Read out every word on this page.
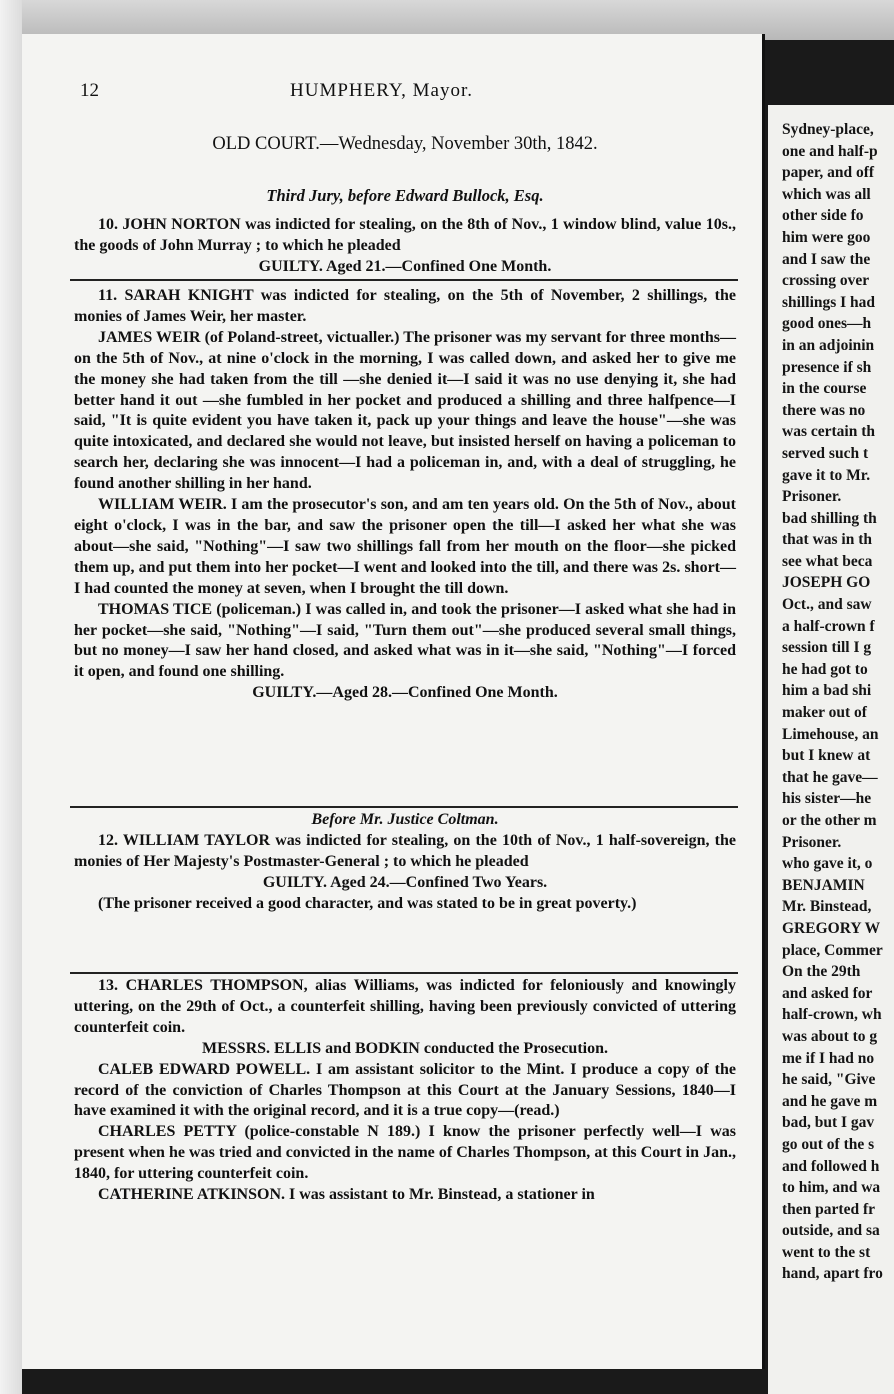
12	HUMPHERY, Mayor.
OLD COURT.—Wednesday, November 30th, 1842.
Third Jury, before Edward Bullock, Esq.

10. JOHN NORTON was indicted for stealing, on the 8th of Nov., 1 window blind, value 10s., the goods of John Murray ; to which he pleaded

GUILTY. Aged 21.—Confined One Month.

11. SARAH KNIGHT was indicted for stealing, on the 5th of November, 2 shillings, the monies of James Weir, her master.

JAMES WEIR (of Poland-street, victualler.) The prisoner was my servant for three months—on the 5th of Nov., at nine o'clock in the morning, I was called down, and asked her to give me the money she had taken from the till —she denied it—I said it was no use denying it, she had better hand it out —she fumbled in her pocket and produced a shilling and three halfpence—I said, "It is quite evident you have taken it, pack up your things and leave the house"—she was quite intoxicated, and declared she would not leave, but insisted herself on having a policeman to search her, declaring she was innocent—I had a policeman in, and, with a deal of struggling, he found another shilling in her hand.

WILLIAM WEIR. I am the prosecutor's son, and am ten years old. On the 5th of Nov., about eight o'clock, I was in the bar, and saw the prisoner open the till—I asked her what she was about—she said, "Nothing"—I saw two shillings fall from her mouth on the floor—she picked them up, and put them into her pocket—I went and looked into the till, and there was 2s. short—I had counted the money at seven, when I brought the till down.

THOMAS TICE (policeman.) I was called in, and took the prisoner—I asked what she had in her pocket—she said, "Nothing"—I said, "Turn them out"—she produced several small things, but no money—I saw her hand closed, and asked what was in it—she said, "Nothing"—I forced it open, and found one shilling.

GUILTY.—Aged 28.—Confined One Month.

Before Mr. Justice Coltman.

12. WILLIAM TAYLOR was indicted for stealing, on the 10th of Nov., 1 half-sovereign, the monies of Her Majesty's Postmaster-General ; to which he pleaded

GUILTY. Aged 24.—Confined Two Years.

(The prisoner received a good character, and was stated to be in great poverty.)

13. CHARLES THOMPSON, alias Williams, was indicted for feloniously and knowingly uttering, on the 29th of Oct., a counterfeit shilling, having been previously convicted of uttering counterfeit coin.

MESSRS. ELLIS and BODKIN conducted the Prosecution.

CALEB EDWARD POWELL. I am assistant solicitor to the Mint. I produce a copy of the record of the conviction of Charles Thompson at this Court at the January Sessions, 1840—I have examined it with the original record, and it is a true copy—(read.)

CHARLES PETTY (police-constable N 189.) I know the prisoner perfectly well—I was present when he was tried and convicted in the name of Charles Thompson, at this Court in Jan., 1840, for uttering counterfeit coin.

CATHERINE ATKINSON. I was assistant to Mr. Binstead, a stationer in

Sydney-place,
one and half-p
paper, and off
which was all
other side fo
him were goo
and I saw the
crossing over
shillings I had
good ones—h
in an adjoinin
presence if sh
in the course
there was no
was certain th
served such t
gave it to Mr.
Prisoner.
bad shilling th
that was in th
see what beca
JOSEPH GO
Oct., and saw
a half-crown f
session till I g
he had got to
him a bad shi
maker out of
Limehouse, an
but I knew at
that he gave—
his sister—he
or the other m
Prisoner.
who gave it, o
BENJAMIN
Mr. Binstead,
GREGORY W
place, Commer
On the 29th
and asked for
half-crown, wh
was about to g
me if I had no
he said, "Give
and he gave m
bad, but I gav
go out of the s
and followed h
to him, and wa
then parted fr
outside, and sa
went to the st
hand, apart fro
